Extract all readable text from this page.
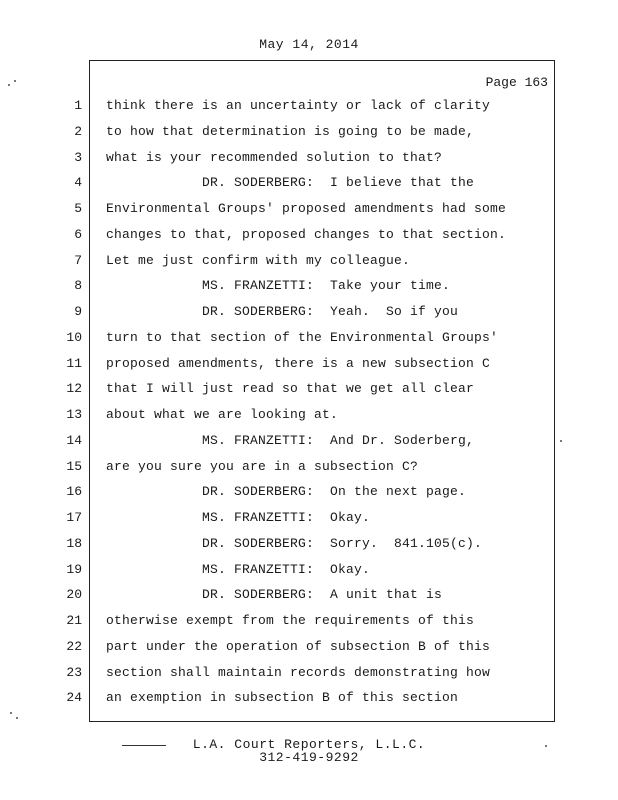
May 14, 2014
Page 163
1 think there is an uncertainty or lack of clarity
2 to how that determination is going to be made,
3 what is your recommended solution to that?
4 DR. SODERBERG:  I believe that the
5 Environmental Groups' proposed amendments had some
6 changes to that, proposed changes to that section.
7 Let me just confirm with my colleague.
8 MS. FRANZETTI:  Take your time.
9 DR. SODERBERG:  Yeah.  So if you
10 turn to that section of the Environmental Groups'
11 proposed amendments, there is a new subsection C
12 that I will just read so that we get all clear
13 about what we are looking at.
14 MS. FRANZETTI:  And Dr. Soderberg,
15 are you sure you are in a subsection C?
16 DR. SODERBERG:  On the next page.
17 MS. FRANZETTI:  Okay.
18 DR. SODERBERG:  Sorry.  841.105(c).
19 MS. FRANZETTI:  Okay.
20 DR. SODERBERG:  A unit that is
21 otherwise exempt from the requirements of this
22 part under the operation of subsection B of this
23 section shall maintain records demonstrating how
24 an exemption in subsection B of this section
L.A. Court Reporters, L.L.C.
312-419-9292
